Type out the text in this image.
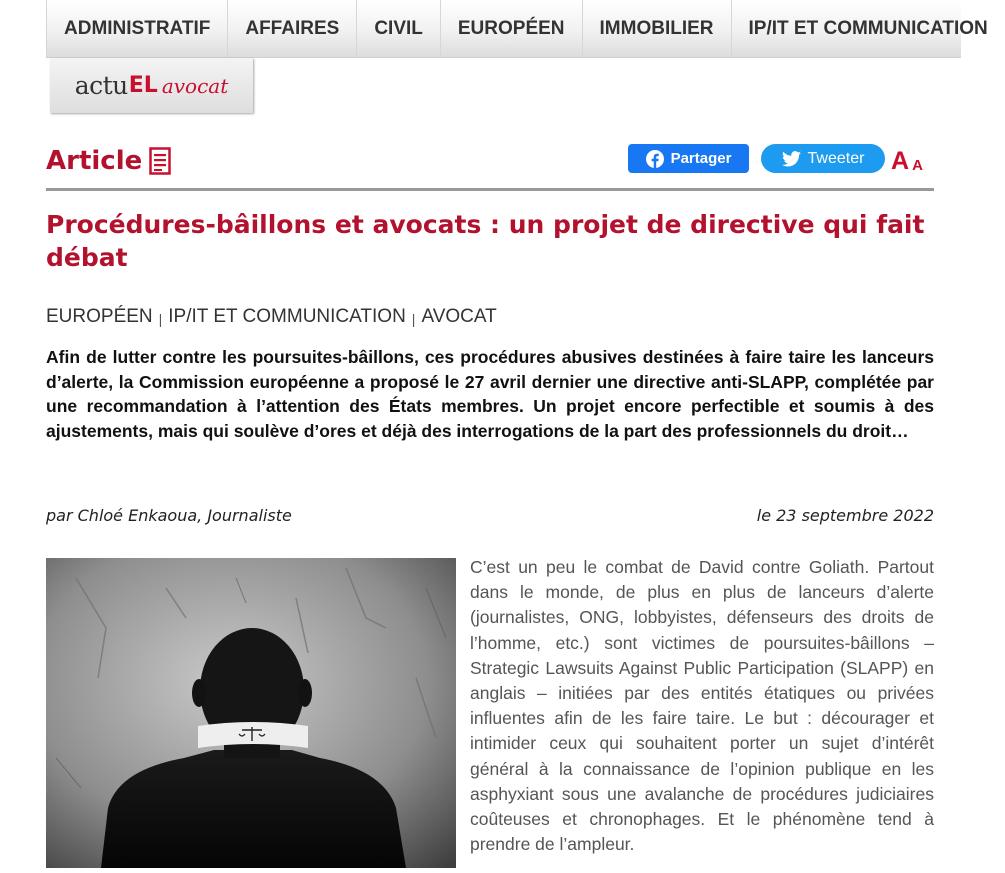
ADMINISTRATIF	AFFAIRES	CIVIL	EUROPÉEN	IMMOBILIER	IP/IT ET COMMUNICATION
actu EL avocat
Article	Partager	Tweeter A A
Procédures-bâillons et avocats : un projet de directive qui fait débat
EUROPÉEN | IP/IT ET COMMUNICATION | AVOCAT

Afin de lutter contre les poursuites-bâillons, ces procédures abusives destinées à faire taire les lanceurs d’alerte, la Commission européenne a proposé le 27 avril dernier une directive anti-SLAPP, complétée par une recommandation à l’attention des États membres. Un projet encore perfectible et soumis à des ajustements, mais qui soulève d’ores et déjà des interrogations de la part des professionnels du droit…

par Chloé Enkaoua, Journaliste	le 23 septembre 2022

C’est un peu le combat de David contre Goliath. Partout dans le monde, de plus en plus de lanceurs d’alerte (journalistes, ONG, lobbyistes, défenseurs des droits de l’homme, etc.) sont victimes de poursuites-bâillons – Strategic Lawsuits Against Public Participation (SLAPP) en anglais – initiées par des entités étatiques ou privées influentes afin de les faire taire. Le but : décourager et intimider ceux qui souhaitent porter un sujet d’intérêt général à la connaissance de l’opinion publique en les asphyxiant sous une avalanche de procédures judiciaires coûteuses et chronophages. Et le phénomène tend à prendre de l’ampleur.
